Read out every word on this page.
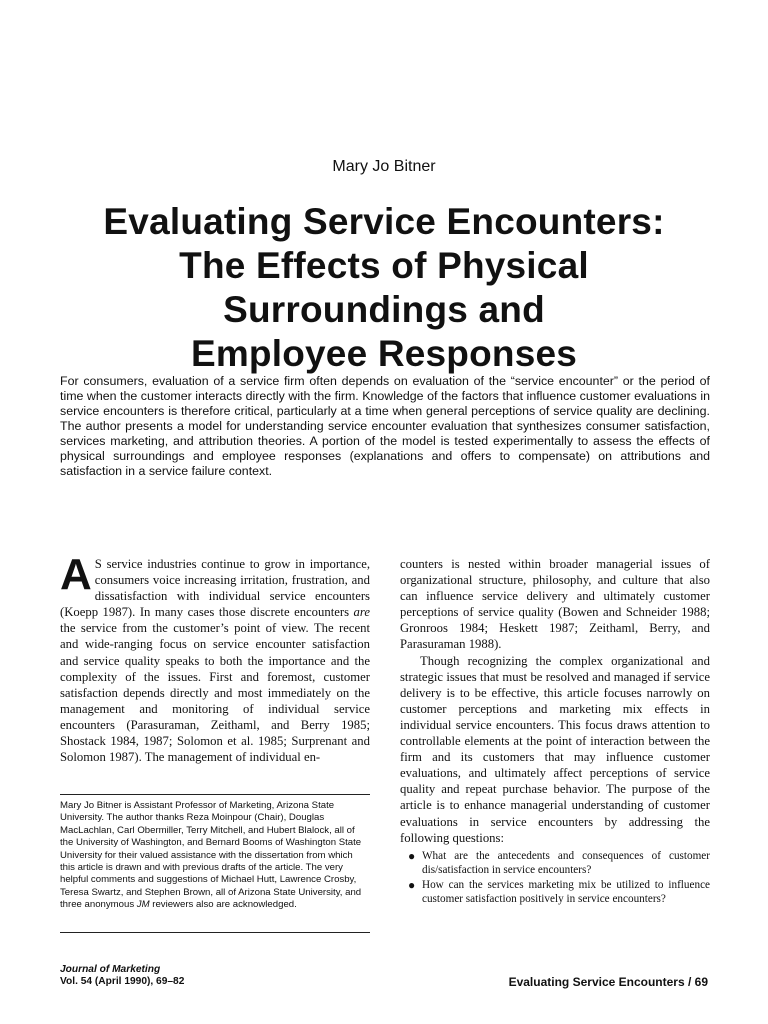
Mary Jo Bitner
Evaluating Service Encounters:
The Effects of Physical
Surroundings and
Employee Responses

For consumers, evaluation of a service firm often depends on evaluation of the “service encounter” or the period of time when the customer interacts directly with the firm. Knowledge of the factors that influence customer evaluations in service encounters is therefore critical, particularly at a time when general perceptions of service quality are declining. The author presents a model for understanding service encounter evaluation that synthesizes consumer satisfaction, services marketing, and attribution theories. A portion of the model is tested experimentally to assess the effects of physical surroundings and employee responses (explanations and offers to compensate) on attributions and satisfaction in a service failure context.

A S service industries continue to grow in importance, consumers voice increasing irritation, frustration, and dissatisfaction with individual service encounters (Koepp 1987). In many cases those discrete encounters are the service from the customer’s point of view. The recent and wide-ranging focus on service encounter satisfaction and service quality speaks to both the importance and the complexity of the issues. First and foremost, customer satisfaction depends directly and most immediately on the management and monitoring of individual service encounters (Parasuraman, Zeithaml, and Berry 1985; Shostack 1984, 1987; Solomon et al. 1985; Surprenant and Solomon 1987). The management of individual en-

Mary Jo Bitner is Assistant Professor of Marketing, Arizona State University. The author thanks Reza Moinpour (Chair), Douglas MacLachlan, Carl Obermiller, Terry Mitchell, and Hubert Blalock, all of the University of Washington, and Bernard Booms of Washington State University for their valued assistance with the dissertation from which this article is drawn and with previous drafts of the article. The very helpful comments and suggestions of Michael Hutt, Lawrence Crosby, Teresa Swartz, and Stephen Brown, all of Arizona State University, and three anonymous JM reviewers also are acknowledged.

counters is nested within broader managerial issues of organizational structure, philosophy, and culture that also can influence service delivery and ultimately customer perceptions of service quality (Bowen and Schneider 1988; Gronroos 1984; Heskett 1987; Zeithaml, Berry, and Parasuraman 1988).

Though recognizing the complex organizational and strategic issues that must be resolved and managed if service delivery is to be effective, this article focuses narrowly on customer perceptions and marketing mix effects in individual service encounters. This focus draws attention to controllable elements at the point of interaction between the firm and its customers that may influence customer evaluations, and ultimately affect perceptions of service quality and repeat purchase behavior. The purpose of the article is to enhance managerial understanding of customer evaluations in service encounters by addressing the following questions:

● What are the antecedents and consequences of customer dis/satisfaction in service encounters?
● How can the services marketing mix be utilized to influence customer satisfaction positively in service encounters?
Journal of Marketing
Vol. 54 (April 1990), 69–82	Evaluating Service Encounters / 69
